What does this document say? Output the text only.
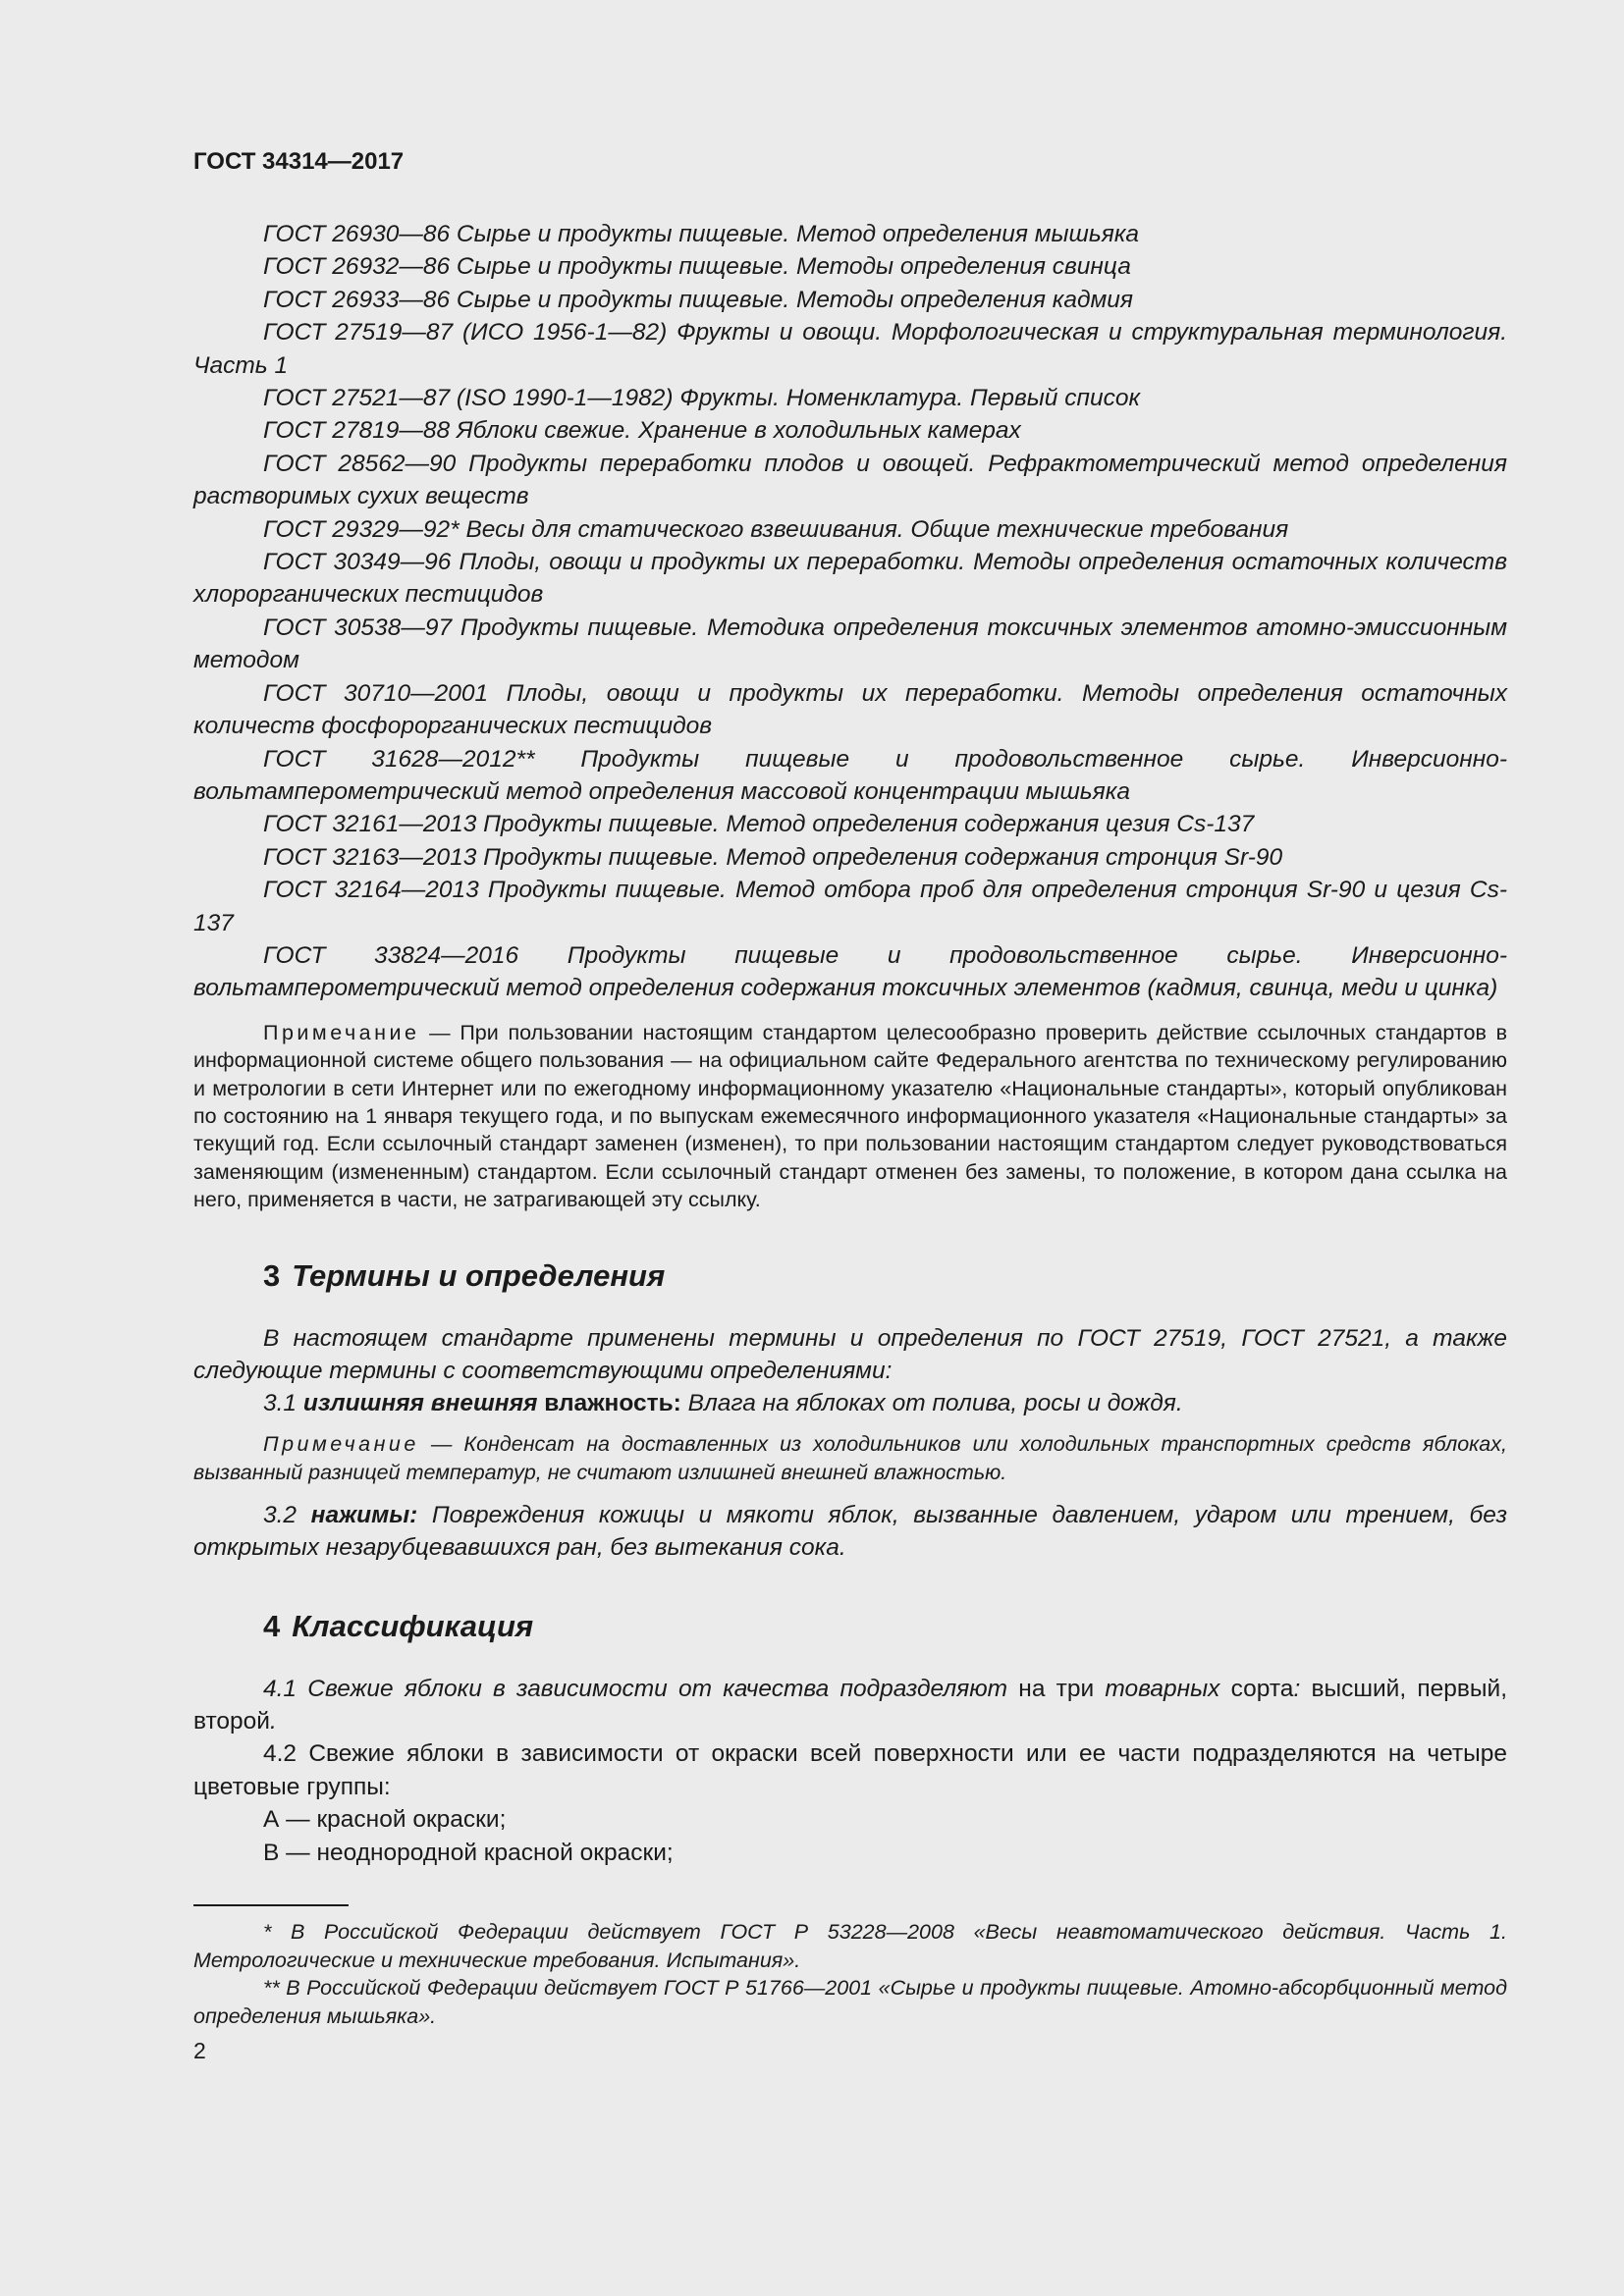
ГОСТ 34314—2017

ГОСТ 26930—86 Сырье и продукты пищевые. Метод определения мышьяка

ГОСТ 26932—86 Сырье и продукты пищевые. Методы определения свинца

ГОСТ 26933—86 Сырье и продукты пищевые. Методы определения кадмия

ГОСТ 27519—87 (ИСО 1956-1—82) Фрукты и овощи. Морфологическая и структуральная терминология. Часть 1

ГОСТ 27521—87 (ISO 1990-1—1982) Фрукты. Номенклатура. Первый список

ГОСТ 27819—88 Яблоки свежие. Хранение в холодильных камерах

ГОСТ 28562—90 Продукты переработки плодов и овощей. Рефрактометрический метод определения растворимых сухих веществ

ГОСТ 29329—92* Весы для статического взвешивания. Общие технические требования

ГОСТ 30349—96 Плоды, овощи и продукты их переработки. Методы определения остаточных количеств хлорорганических пестицидов

ГОСТ 30538—97 Продукты пищевые. Методика определения токсичных элементов атомно-эмиссионным методом

ГОСТ 30710—2001 Плоды, овощи и продукты их переработки. Методы определения остаточных количеств фосфорорганических пестицидов

ГОСТ 31628—2012** Продукты пищевые и продовольственное сырье. Инверсионно-вольтамперометрический метод определения массовой концентрации мышьяка

ГОСТ 32161—2013 Продукты пищевые. Метод определения содержания цезия Cs-137

ГОСТ 32163—2013 Продукты пищевые. Метод определения содержания стронция Sr-90

ГОСТ 32164—2013 Продукты пищевые. Метод отбора проб для определения стронция Sr-90 и цезия Cs-137

ГОСТ 33824—2016 Продукты пищевые и продовольственное сырье. Инверсионно-вольтамперометрический метод определения содержания токсичных элементов (кадмия, свинца, меди и цинка)

Примечание — При пользовании настоящим стандартом целесообразно проверить действие ссылочных стандартов в информационной системе общего пользования — на официальном сайте Федерального агентства по техническому регулированию и метрологии в сети Интернет или по ежегодному информационному указателю «Национальные стандарты», который опубликован по состоянию на 1 января текущего года, и по выпускам ежемесячного информационного указателя «Национальные стандарты» за текущий год. Если ссылочный стандарт заменен (изменен), то при пользовании настоящим стандартом следует руководствоваться заменяющим (измененным) стандартом. Если ссылочный стандарт отменен без замены, то положение, в котором дана ссылка на него, применяется в части, не затрагивающей эту ссылку.
3 Термины и определения

В настоящем стандарте применены термины и определения по ГОСТ 27519, ГОСТ 27521, а также следующие термины с соответствующими определениями:

3.1 излишняя внешняя влажность: Влага на яблоках от полива, росы и дождя.

Примечание — Конденсат на доставленных из холодильников или холодильных транспортных средств яблоках, вызванный разницей температур, не считают излишней внешней влажностью.

3.2 нажимы: Повреждения кожицы и мякоти яблок, вызванные давлением, ударом или трением, без открытых незарубцевавшихся ран, без вытекания сока.

4 Классификация

4.1 Свежие яблоки в зависимости от качества подразделяют на три товарных сорта: высший, первый, второй.

4.2 Свежие яблоки в зависимости от окраски всей поверхности или ее части подразделяются на четыре цветовые группы:

А — красной окраски;

В — неоднородной красной окраски;

* В Российской Федерации действует ГОСТ Р 53228—2008 «Весы неавтоматического действия. Часть 1. Метрологические и технические требования. Испытания».

** В Российской Федерации действует ГОСТ Р 51766—2001 «Сырье и продукты пищевые. Атомно-абсорбционный метод определения мышьяка».

2
